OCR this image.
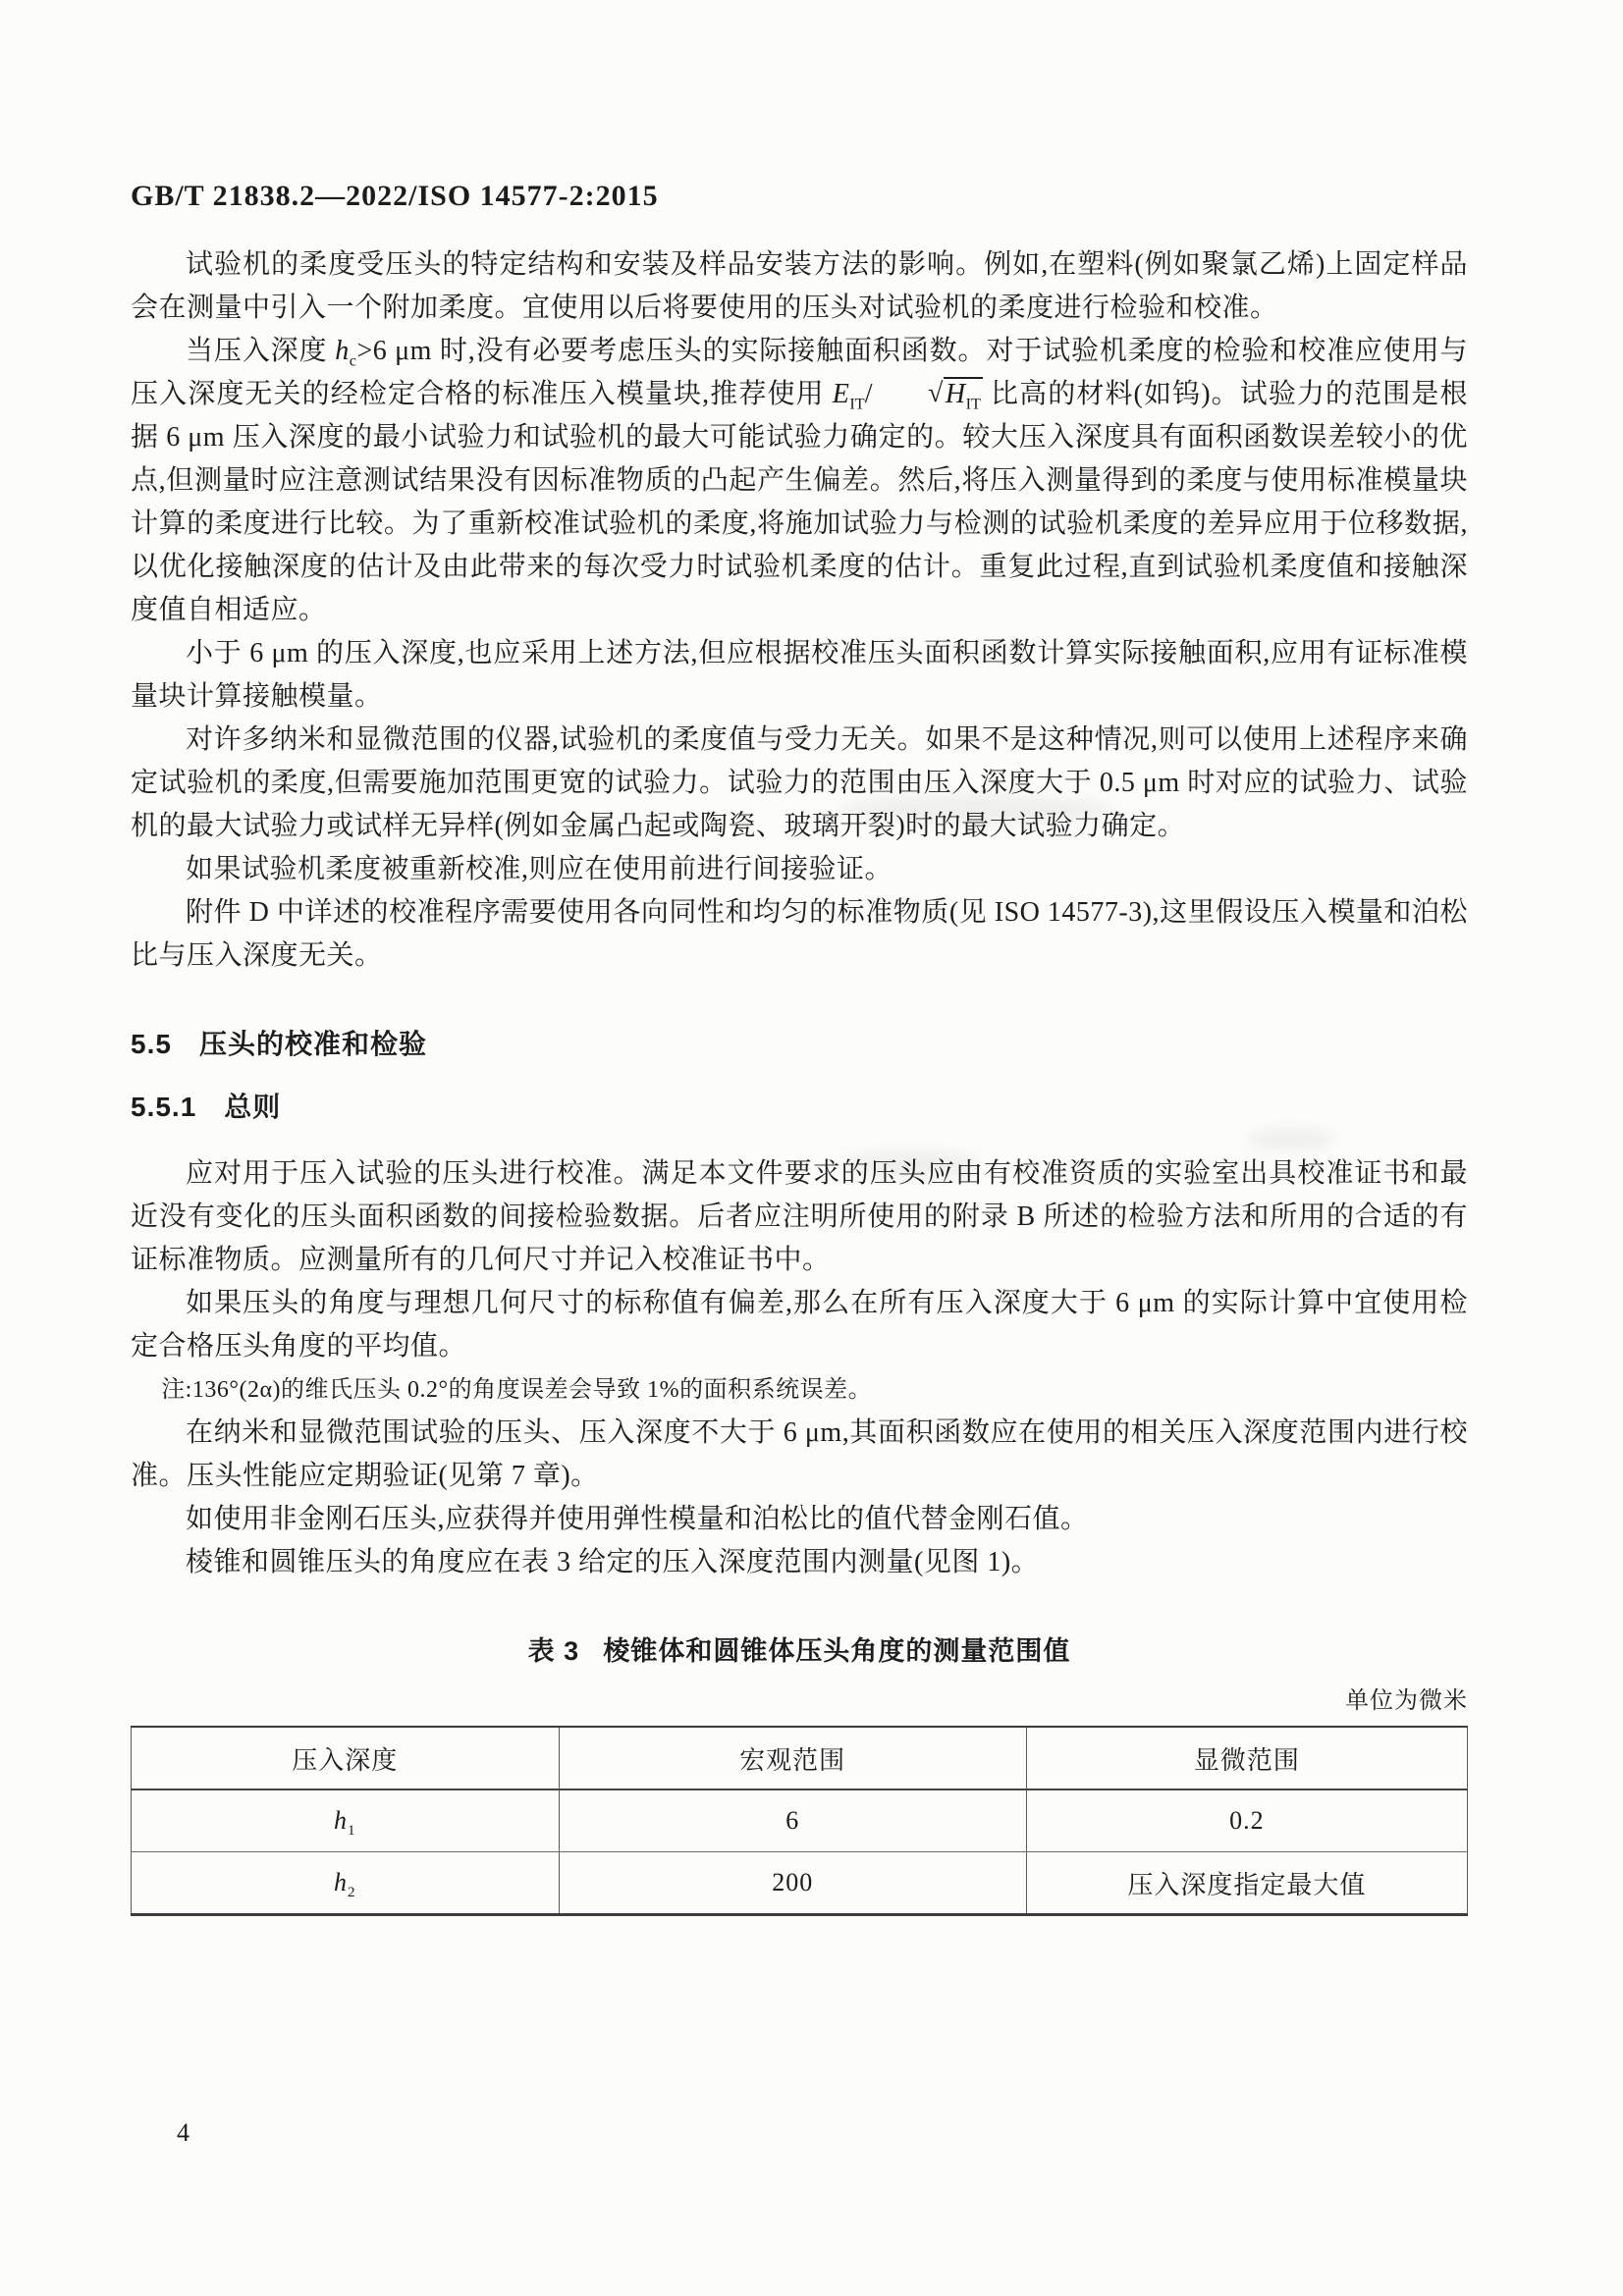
GB/T 21838.2—2022/ISO 14577-2:2015

试验机的柔度受压头的特定结构和安装及样品安装方法的影响。例如,在塑料(例如聚氯乙烯)上固定样品会在测量中引入一个附加柔度。宜使用以后将要使用的压头对试验机的柔度进行检验和校准。

当压入深度 $h_c>6$ μm 时,没有必要考虑压头的实际接触面积函数。对于试验机柔度的检验和校准应使用与压入深度无关的经检定合格的标准压入模量块,推荐使用 $E_{IT}/$ $√H_{IT}$ 比高的材料(如钨)。试验力的范围是根据 6 μm 压入深度的最小试验力和试验机的最大可能试验力确定的。较大压入深度具有面积函数误差较小的优点,但测量时应注意测试结果没有因标准物质的凸起产生偏差。然后,将压入测量得到的柔度与使用标准模量块计算的柔度进行比较。为了重新校准试验机的柔度,将施加试验力与检测的试验机柔度的差异应用于位移数据,以优化接触深度的估计及由此带来的每次受力时试验机柔度的估计。重复此过程,直到试验机柔度值和接触深度值自相适应。

小于 6 μm 的压入深度,也应采用上述方法,但应根据校准压头面积函数计算实际接触面积,应用有证标准模量块计算接触模量。

对许多纳米和显微范围的仪器,试验机的柔度值与受力无关。如果不是这种情况,则可以使用上述程序来确定试验机的柔度,但需要施加范围更宽的试验力。试验力的范围由压入深度大于 0.5 μm 时对应的试验力、试验机的最大试验力或试样无异样(例如金属凸起或陶瓷、玻璃开裂)时的最大试验力确定。

如果试验机柔度被重新校准,则应在使用前进行间接验证。

附件 D 中详述的校准程序需要使用各向同性和均匀的标准物质(见 ISO 14577-3),这里假设压入模量和泊松比与压入深度无关。

5.5 压头的校准和检验
5.5.1 总则

应对用于压入试验的压头进行校准。满足本文件要求的压头应由有校准资质的实验室出具校准证书和最近没有变化的压头面积函数的间接检验数据。后者应注明所使用的附录 B 所述的检验方法和所用的合适的有证标准物质。应测量所有的几何尺寸并记入校准证书中。

如果压头的角度与理想几何尺寸的标称值有偏差,那么在所有压入深度大于 6 μm 的实际计算中宜使用检定合格压头角度的平均值。

注:136°(2α)的维氏压头 0.2°的角度误差会导致 1%的面积系统误差。

在纳米和显微范围试验的压头、压入深度不大于 6 μm,其面积函数应在使用的相关压入深度范围内进行校准。压头性能应定期验证(见第 7 章)。

如使用非金刚石压头,应获得并使用弹性模量和泊松比的值代替金刚石值。

棱锥和圆锥压头的角度应在表 3 给定的压入深度范围内测量(见图 1)。

表 3 棱锥体和圆锥体压头角度的测量范围值
单位为微米
压入深度	宏观范围	显微范围
$h_1$	6	0.2
$h_2$	200	压入深度指定最大值
4
